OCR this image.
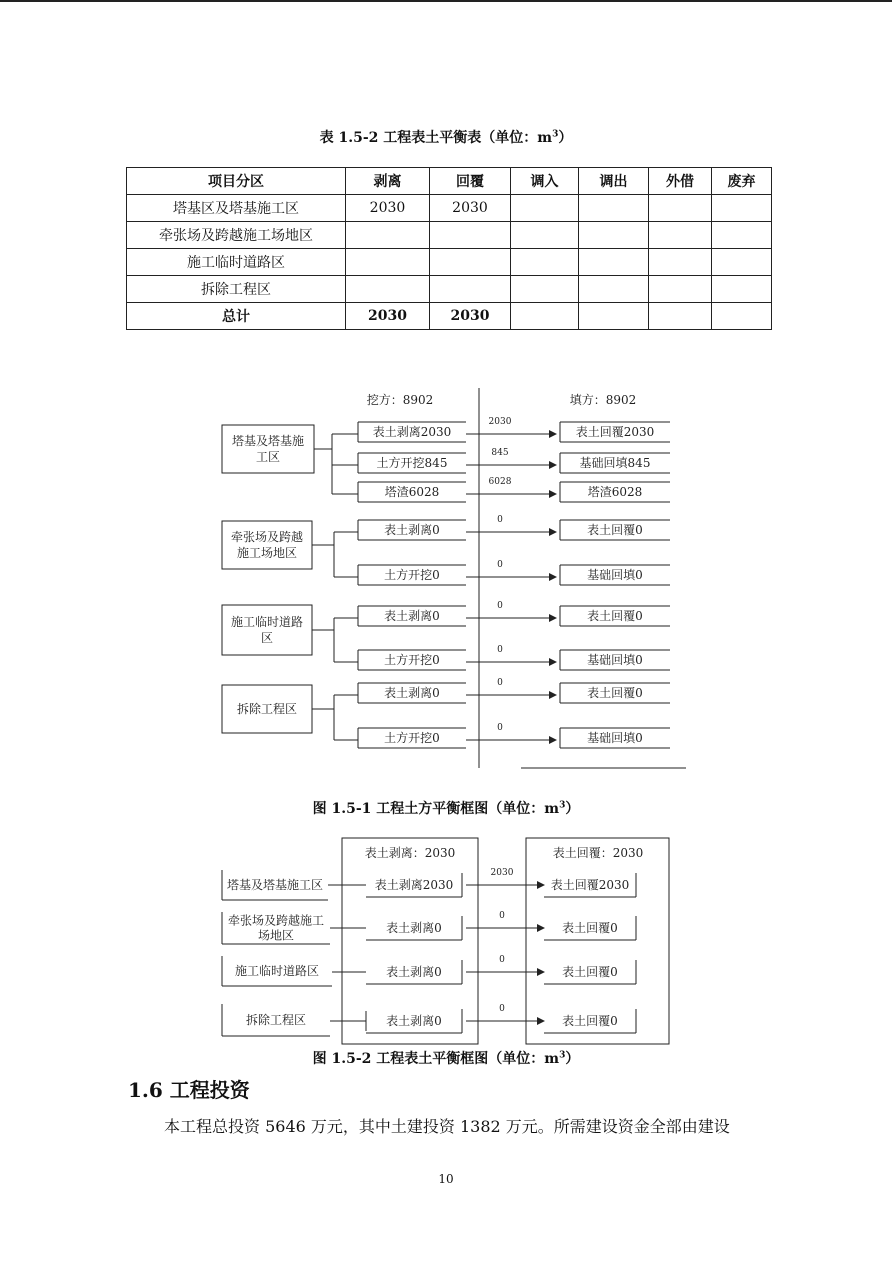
表 1.5-2 工程表土平衡表（单位：$m^3$）
项目分区	剥离	回覆	调入	调出	外借	废弃
塔基区及塔基施工区	2030	2030				
牵张场及跨越施工场地区						
施工临时道路区						
拆除工程区						
总计	2030	2030				
挖方：8902	填方：8902
塔基及塔基施
工区
表土剥离2030
2030
表土回覆2030
土方开挖845
845
基础回填845
塔渣6028
6028
塔渣6028
牵张场及跨越
施工场地区
表土剥离0
0
表土回覆0
土方开挖0
0
基础回填0
施工临时道路
区
表土剥离0
0
表土回覆0
土方开挖0
0
基础回填0
拆除工程区
表土剥离0
0
表土回覆0
土方开挖0
0
基础回填0
表土剥离：2030	表土回覆：2030
塔基及塔基施工区	表土剥离2030
2030
表土回覆2030
牵张场及跨越施工
场地区
表土剥离0
0
表土回覆0
施工临时道路区	表土剥离0
0
表土回覆0
拆除工程区	表土剥离0
0
表土回覆0
图 1.5-1 工程土方平衡框图（单位：$m^3$）
图 1.5-2 工程表土平衡框图（单位：$m^3$）
1.6 工程投资
本工程总投资 5646 万元，其中土建投资 1382 万元。所需建设资金全部由建设
10
